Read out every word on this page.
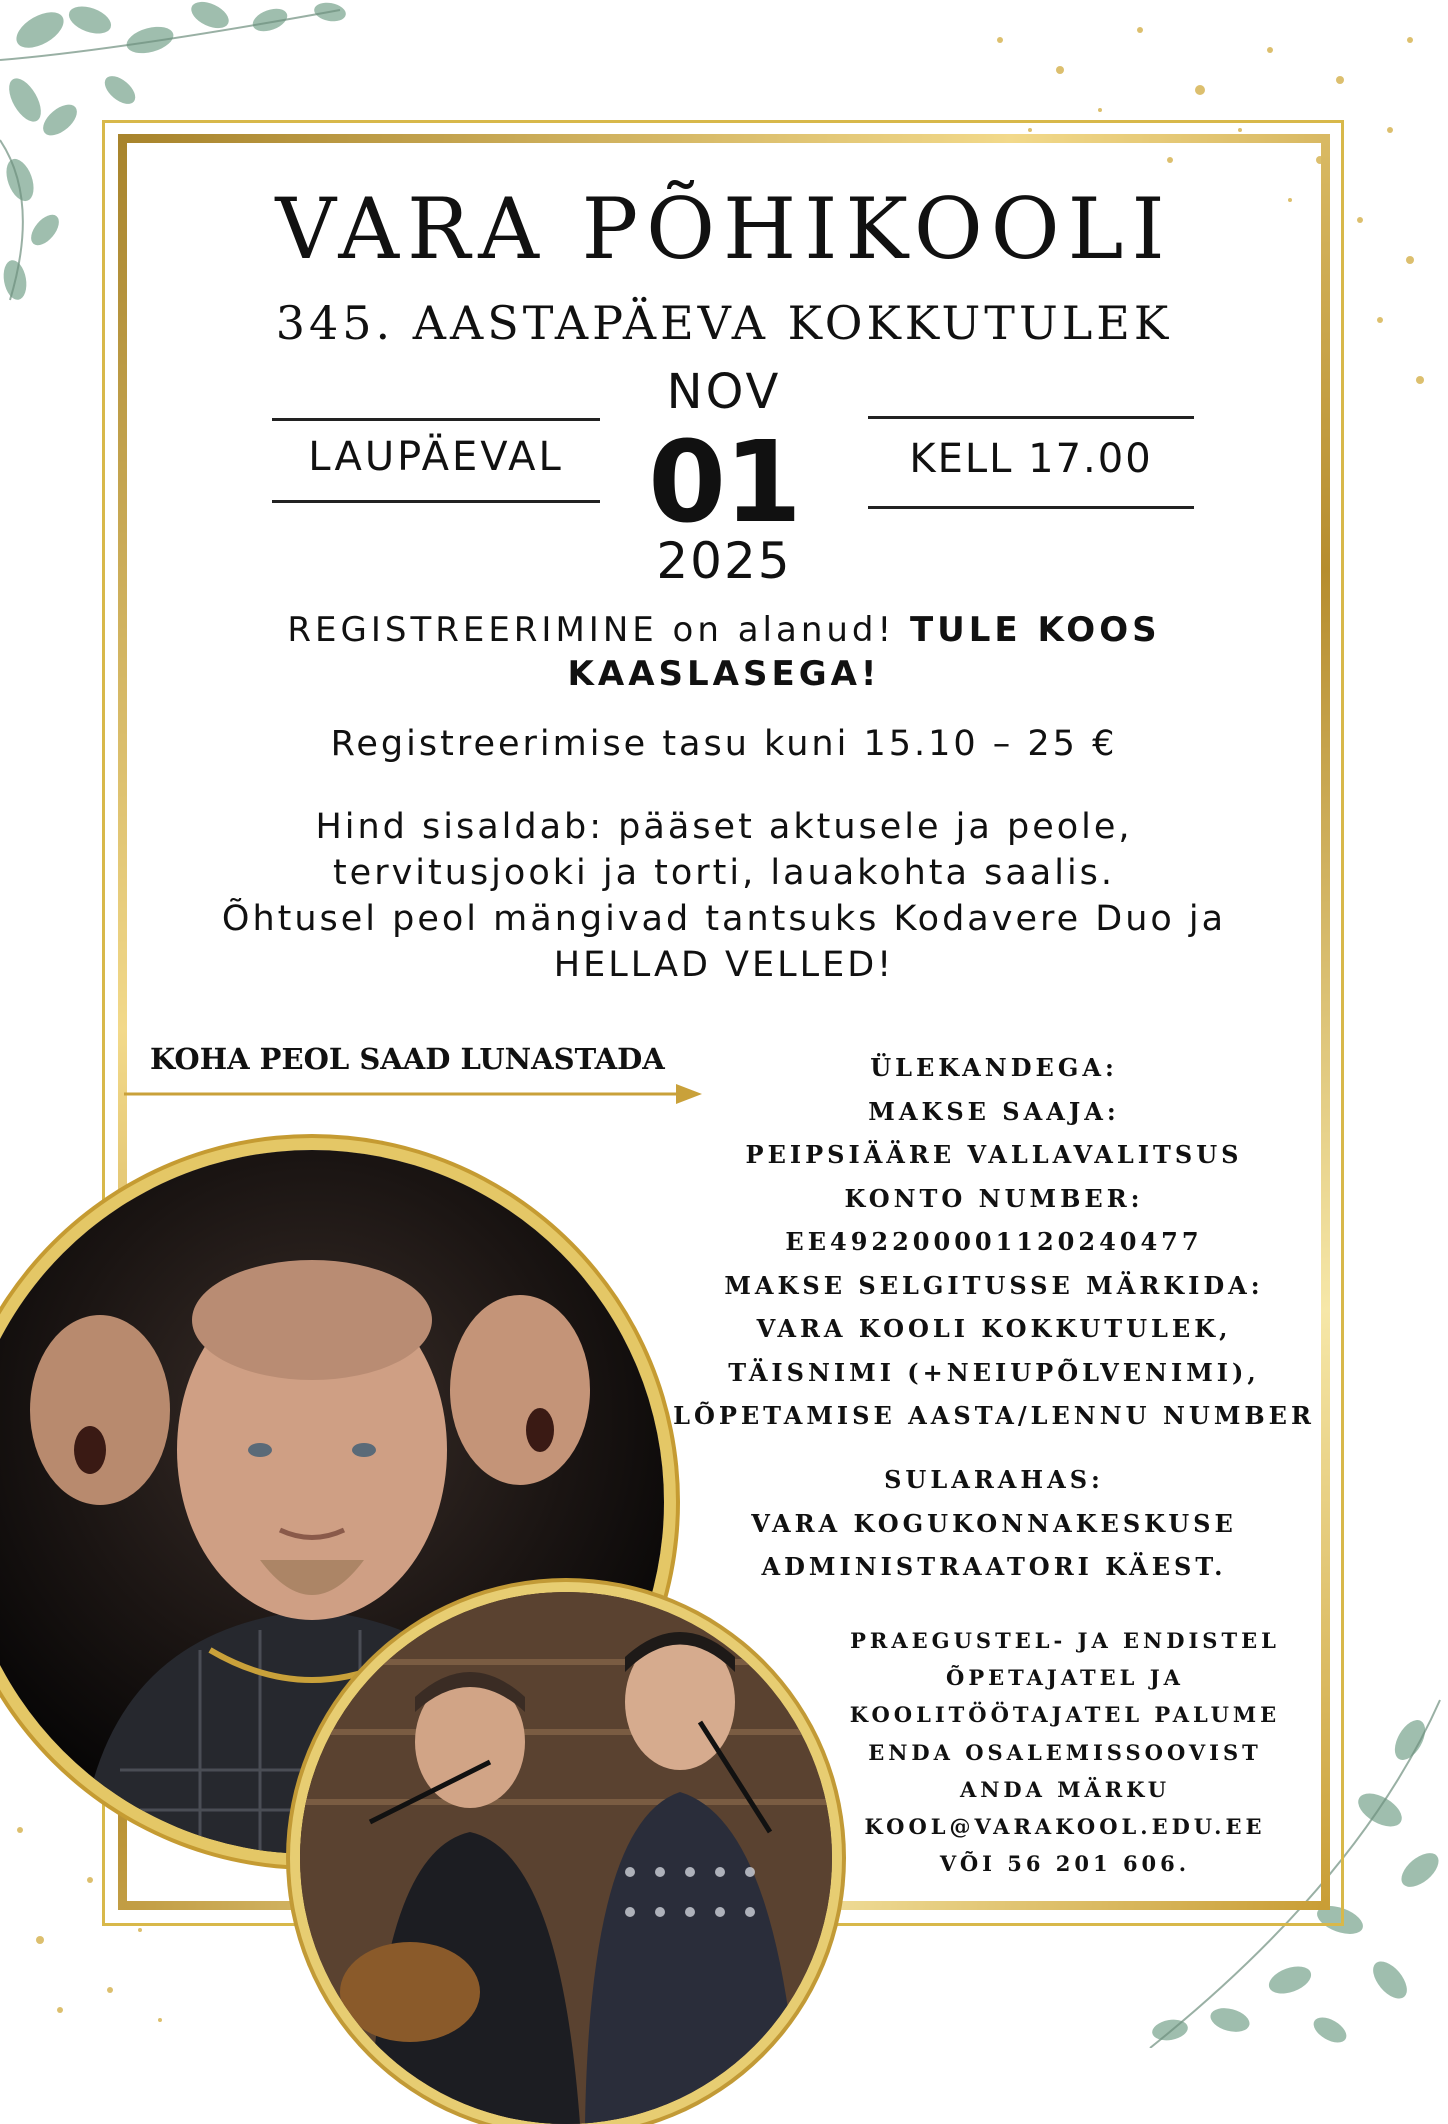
VARA PÕHIKOOLI
345. AASTAPÄEVA KOKKUTULEK
LAUPÄEVAL
NOV
01
2025
KELL 17.00
REGISTREERIMINE on alanud! TULE KOOS KAASLASEGA!
Registreerimise tasu kuni 15.10 – 25 €
Hind sisaldab: pääset aktusele ja peole,
tervitusjooki ja torti, lauakohta saalis.
Õhtusel peol mängivad tantsuks Kodavere Duo ja
HELLAD VELLED!
KOHA PEOL SAAD LUNASTADA	ÜLEKANDEGA:
MAKSE SAAJA:
PEIPSIÄÄRE VALLAVALITSUS
KONTO NUMBER:
EE492200001120240477
MAKSE SELGITUSSE MÄRKIDA:
VARA KOOLI KOKKUTULEK,
TÄISNIMI (+NEIUPÕLVENIMI),
LÕPETAMISE AASTA/LENNU NUMBER
SULARAHAS:
VARA KOGUKONNAKESKUSE
ADMINISTRAATORI KÄEST.
PRAEGUSTEL- JA ENDISTEL
ÕPETAJATEL JA
KOOLITÖÖTAJATEL PALUME
ENDA OSALEMISSOOVIST
ANDA MÄRKU
KOOL@VARAKOOL.EDU.EE
VÕI 56 201 606.
